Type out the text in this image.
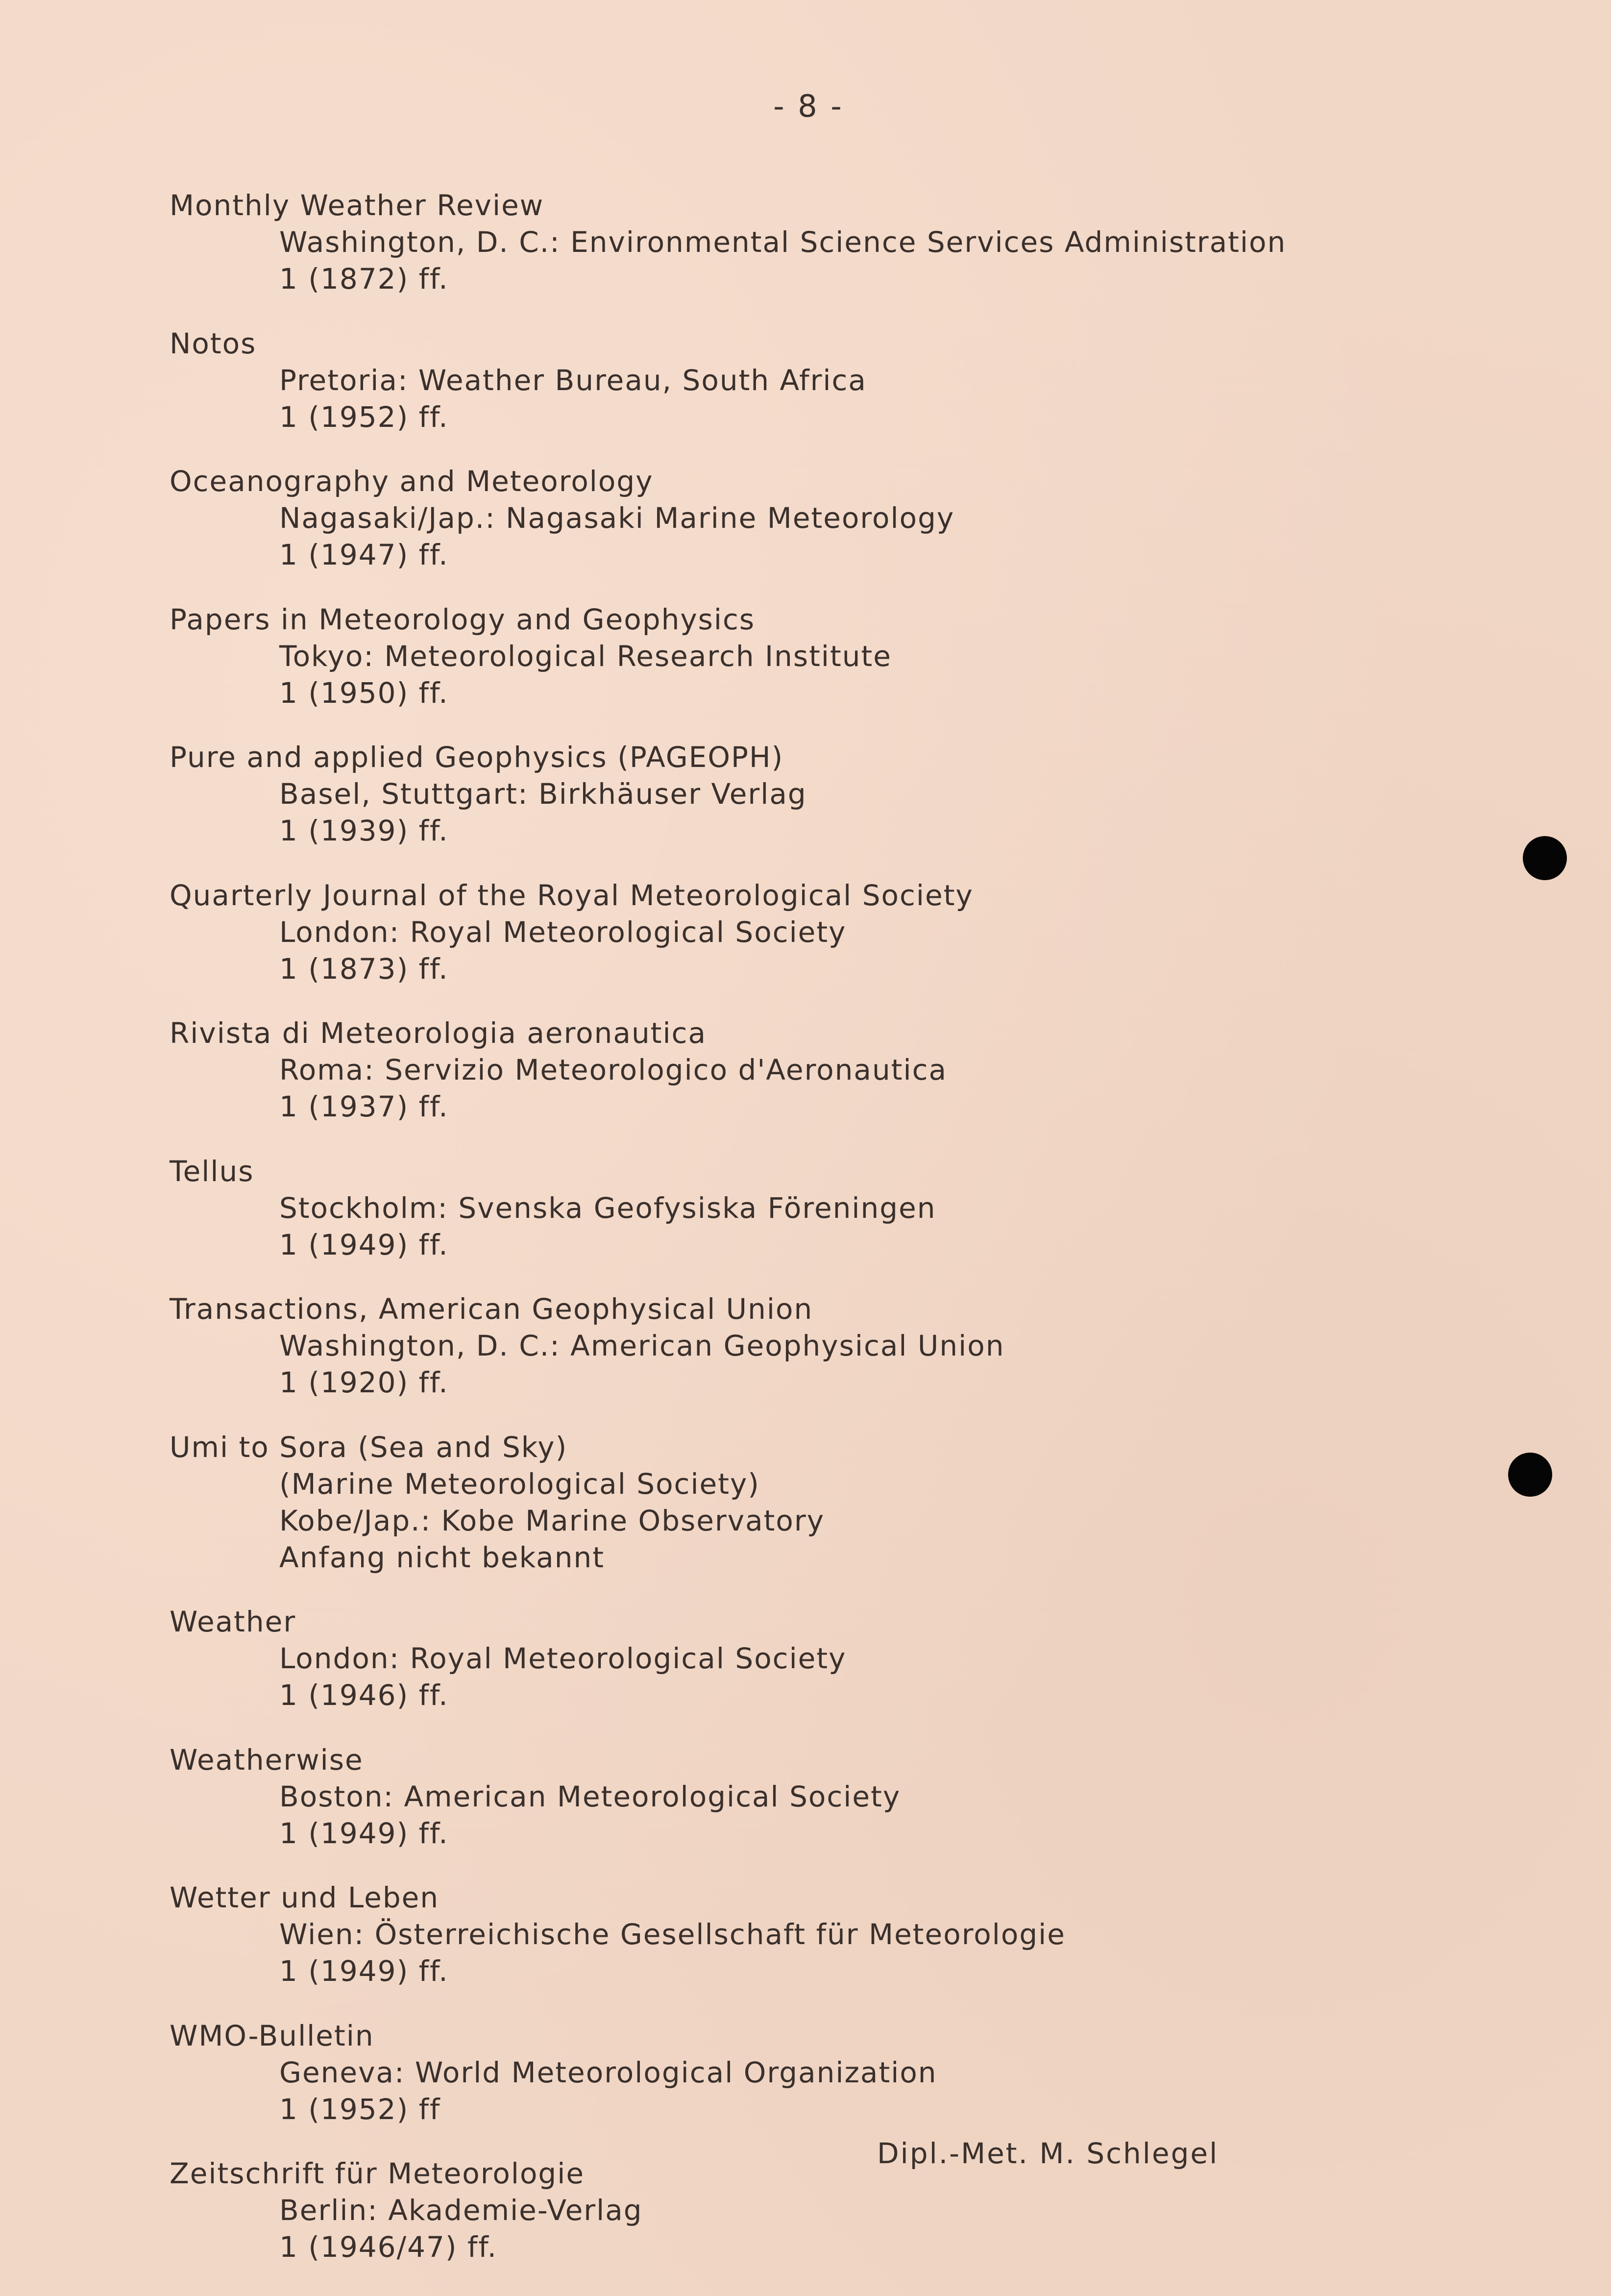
- 8 -
Monthly Weather Review
Washington, D. C.: Environmental Science Services Administration
1 (1872) ff.
Notos
Pretoria: Weather Bureau, South Africa
1 (1952) ff.
Oceanography and Meteorology
Nagasaki/Jap.: Nagasaki Marine Meteorology
1 (1947) ff.
Papers in Meteorology and Geophysics
Tokyo: Meteorological Research Institute
1 (1950) ff.
Pure and applied Geophysics (PAGEOPH)
Basel, Stuttgart: Birkhäuser Verlag
1 (1939) ff.
Quarterly Journal of the Royal Meteorological Society
London: Royal Meteorological Society
1 (1873) ff.
Rivista di Meteorologia aeronautica
Roma: Servizio Meteorologico d'Aeronautica
1 (1937) ff.
Tellus
Stockholm: Svenska Geofysiska Föreningen
1 (1949) ff.
Transactions, American Geophysical Union
Washington, D. C.: American Geophysical Union
1 (1920) ff.
Umi to Sora (Sea and Sky)
(Marine Meteorological Society)
Kobe/Jap.: Kobe Marine Observatory
Anfang nicht bekannt
Weather
London: Royal Meteorological Society
1 (1946) ff.
Weatherwise
Boston: American Meteorological Society
1 (1949) ff.
Wetter und Leben
Wien: Österreichische Gesellschaft für Meteorologie
1 (1949) ff.
WMO-Bulletin
Geneva: World Meteorological Organization
1 (1952) ff
Zeitschrift für Meteorologie
Berlin: Akademie-Verlag
1 (1946/47) ff.
Dipl.-Met. M. Schlegel
